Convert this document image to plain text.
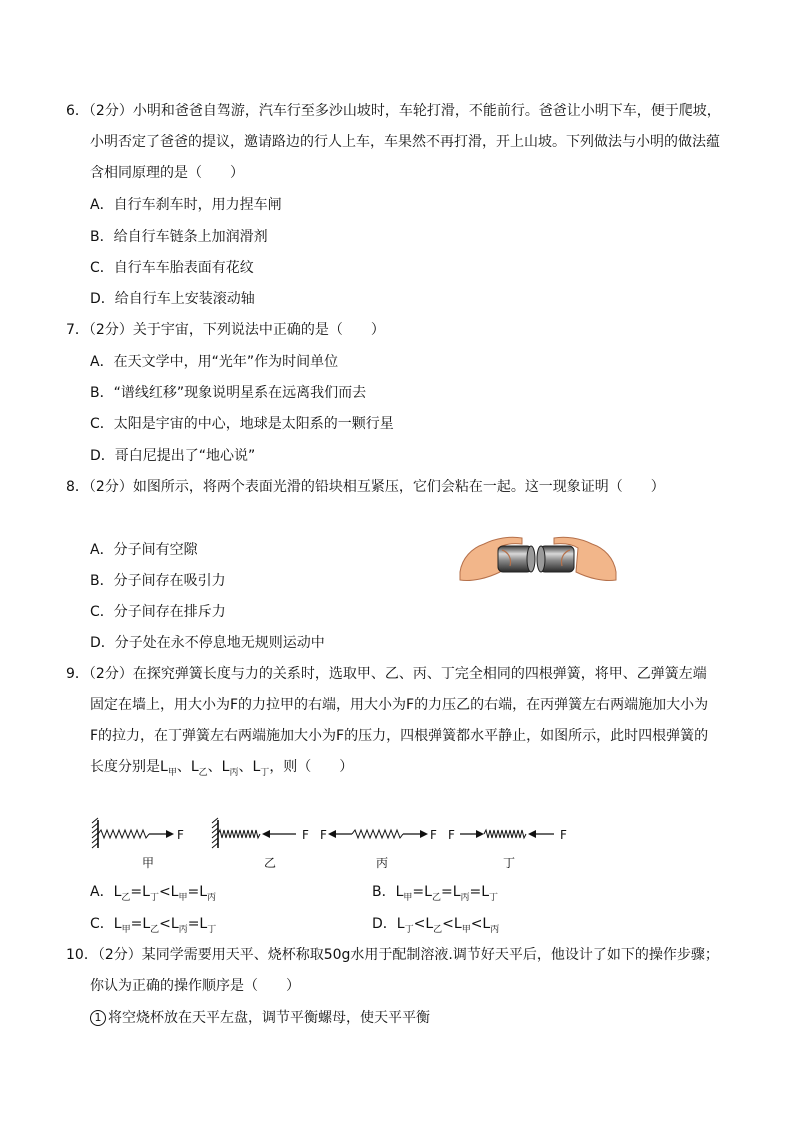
6．（2分）小明和爸爸自驾游，汽车行至多沙山坡时，车轮打滑，不能前行。爸爸让小明下车，便于爬坡，
小明否定了爸爸的提议，邀请路边的行人上车，车果然不再打滑，开上山坡。下列做法与小明的做法蕴
含相同原理的是（　　）
A．自行车刹车时，用力捏车闸
B．给自行车链条上加润滑剂
C．自行车车胎表面有花纹
D．给自行车上安装滚动轴
7．（2分）关于宇宙，下列说法中正确的是（　　）
A．在天文学中，用“光年”作为时间单位
B．“谱线红移”现象说明星系在远离我们而去
C．太阳是宇宙的中心，地球是太阳系的一颗行星
D．哥白尼提出了“地心说”
8．（2分）如图所示，将两个表面光滑的铅块相互紧压，它们会粘在一起。这一现象证明（　　）
A．分子间有空隙
B．分子间存在吸引力
C．分子间存在排斥力
D．分子处在永不停息地无规则运动中
9．（2分）在探究弹簧长度与力的关系时，选取甲、乙、丙、丁完全相同的四根弹簧，将甲、乙弹簧左端
固定在墙上，用大小为F的力拉甲的右端，用大小为F的力压乙的右端，在丙弹簧左右两端施加大小为
F的拉力，在丁弹簧左右两端施加大小为F的压力，四根弹簧都水平静止，如图所示，此时四根弹簧的
长度分别是$L_甲$、$L_乙$、$L_丙$、$L_丁$，则（　　）
F	F F	F F	F
甲	乙	丙	丁
A．$L_乙=L_丁<L_甲=L_丙$	B．$L_甲=L_乙=L_丙=L_丁$
C．$L_甲=L_乙<L_丙=L_丁$	D．$L_丁<L_乙<L_甲<L_丙$
10．（2分）某同学需要用天平、烧杯称取50g水用于配制溶液.调节好天平后，他设计了如下的操作步骤；
你认为正确的操作顺序是（　　）
1 将空烧杯放在天平左盘，调节平衡螺母，使天平平衡
